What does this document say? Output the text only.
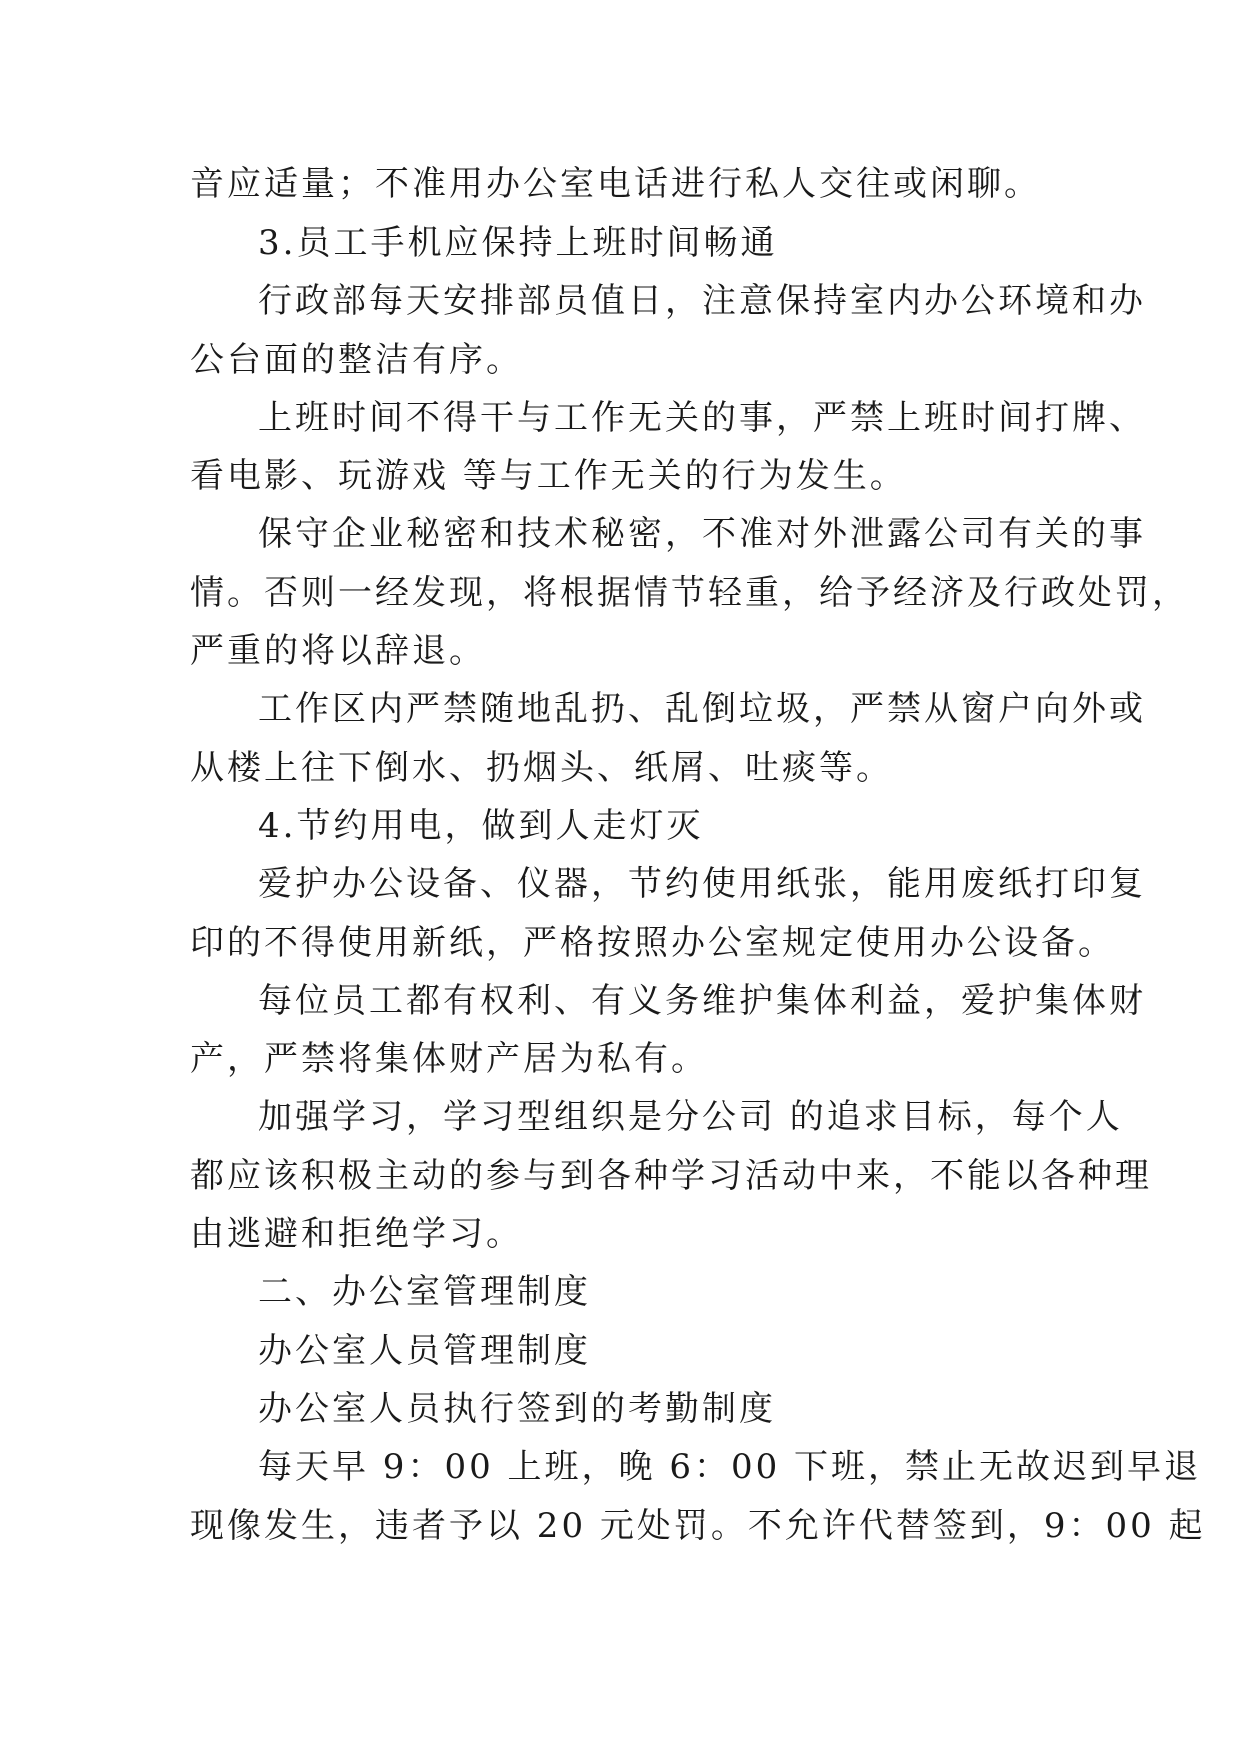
音应适量；不准用办公室电话进行私人交往或闲聊。
3.员工手机应保持上班时间畅通
行政部每天安排部员值日，注意保持室内办公环境和办
公台面的整洁有序。
上班时间不得干与工作无关的事，严禁上班时间打牌、
看电影、玩游戏 等与工作无关的行为发生。
保守企业秘密和技术秘密，不准对外泄露公司有关的事
情。否则一经发现，将根据情节轻重，给予经济及行政处罚，
严重的将以辞退。
工作区内严禁随地乱扔、乱倒垃圾，严禁从窗户向外或
从楼上往下倒水、扔烟头、纸屑、吐痰等。
4.节约用电，做到人走灯灭
爱护办公设备、仪器，节约使用纸张，能用废纸打印复
印的不得使用新纸，严格按照办公室规定使用办公设备。
每位员工都有权利、有义务维护集体利益，爱护集体财
产，严禁将集体财产居为私有。
加强学习，学习型组织是分公司 的追求目标，每个人
都应该积极主动的参与到各种学习活动中来，不能以各种理
由逃避和拒绝学习。
二、办公室管理制度
办公室人员管理制度
办公室人员执行签到的考勤制度
每天早 9：00 上班，晚 6：00 下班，禁止无故迟到早退
现像发生，违者予以 20 元处罚。不允许代替签到，9：00 起
